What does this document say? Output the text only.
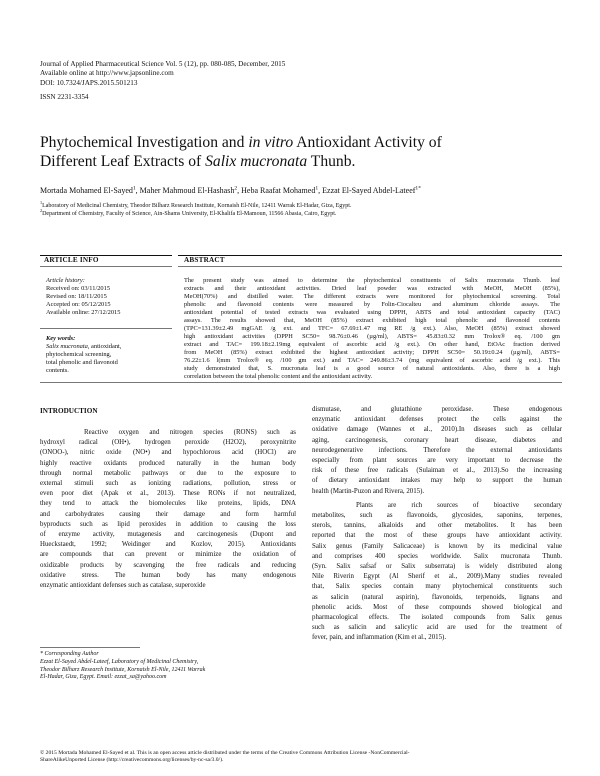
Journal of Applied Pharmaceutical Science Vol. 5 (12), pp. 080-085, December, 2015
Available online at http://www.japsonline.com
DOI: 10.7324/JAPS.2015.501213
ISSN 2231-3354
Phytochemical Investigation and in vitro Antioxidant Activity of
Different Leaf Extracts of Salix mucronata Thunb.
Mortada Mohamed El-Sayed$^1$, Maher Mahmoud El-Hashash$^2$, Heba Raafat Mohamed$^1$, Ezzat El-Sayed Abdel-Lateef$^{1*}$
$^1$Laboratory of Medicinal Chemistry, Theodor Bilharz Research Institute, Kornaish El-Nile, 12411 Warrak El-Hadar, Giza, Egypt.
$^2$Department of Chemistry, Faculty of Science, Ain-Shams University, El-Khalifa El-Mamoun, 11566 Abasia, Cairo, Egypt.
ARTICLE INFO
Article history:
Received on: 03/11/2015
Revised on: 18/11/2015
Accepted on: 05/12/2015
Available online: 27/12/2015
Key words:
Salix mucronata, antioxidant,
phytochemical screening,
total phenolic and flavonoid
contents.
ABSTRACT
The present study was aimed to determine the phytochemical constituents of Salix mucronata Thunb. leaf
extracts and their antioxidant activities. Dried leaf powder was extracted with MeOH, MeOH (85%),
MeOH(70%) and distilled water. The different extracts were monitored for phytochemical screening. Total
phenolic and flavonoid contents were measured by Folin-Ciocalteu and aluminum chloride assays. The
antioxidant potential of tested extracts was evaluated using DPPH, ABTS and total antioxidant capacity (TAC)
assays. The results showed that, MeOH (85%) extract exhibited high total phenolic and flavonoid contents
(TPC=131.39±2.49 mgGAE /g ext. and TFC= 67.69±1.47 mg RE /g ext.). Also, MeOH (85%) extract showed
high antioxidant activities (DPPH SC50= 98.76±0.46 (µg/ml), ABTS= 45.83±0.32 mm Trolox® eq. /100 gm
extract and TAC= 199.18±2.19mg equivalent of ascorbic acid /g ext.). On other hand, EtOAc fraction derived
from MeOH (85%) extract exhibited the highest antioxidant activity; DPPH SC50= 50.19±0.24 (µg/ml), ABTS=
76.22±1.6 l(mm Trolox® eq. /100 gm ext.) and TAC= 249.86±3.74 (mg equivalent of ascorbic acid /g ext.). This
study demonstrated that, S. mucronata leaf is a good source of natural antioxidants. Also, there is a high
correlation between the total phenolic content and the antioxidant activity.
INTRODUCTION
Reactive oxygen and nitrogen species (RONS) such as
hydroxyl radical (OH•), hydrogen peroxide (H2O2), peroxynitrite
(ONOO-), nitric oxide (NO•) and hypochlorous acid (HOCl) are
highly reactive oxidants produced naturally in the human body
through normal metabolic pathways or due to the exposure to
external stimuli such as ionizing radiations, pollution, stress or
even poor diet (Apak et al., 2013). These RONs if not neutralized,
they tend to attack the biomolecules like proteins, lipids, DNA
and carbohydrates causing their damage and form harmful
byproducts such as lipid peroxides in addition to causing the loss
of enzyme activity, mutagenesis and carcinogenesis (Dupont and
Hueckstaedt, 1992; Weidinger and Kozlov, 2015). Antioxidants
are compounds that can prevent or minimize the oxidation of
oxidizable products by scavenging the free radicals and reducing
oxidative stress. The human body has many endogenous
enzymatic antioxidant defenses such as catalase, superoxide
dismutase, and glutathione peroxidase. These endogenous
enzymatic antioxidant defenses protect the cells against the
oxidative damage (Wannes et al., 2010).In diseases such as cellular
aging, carcinogenesis, coronary heart disease, diabetes and
neurodegenerative infections. Therefore the external antioxidants
especially from plant sources are very important to decrease the
risk of these free radicals (Sulaiman et al., 2013).So the increasing
of dietary antioxidant intakes may help to support the human
health (Martin-Puzon and Rivera, 2015).
Plants are rich sources of bioactive secondary
metabolites, such as flavonoids, glycosides, saponins, terpenes,
sterols, tannins, alkaloids and other metabolites. It has been
reported that the most of these groups have antioxidant activity.
Salix genus (Family Salicaceae) is known by its medicinal value
and comprises 400 species worldwide. Salix mucronata Thunb.
(Syn. Salix safsaf or Salix subserrata) is widely distributed along
Nile Riverin Egypt (Al Sherif et al., 2009).Many studies revealed
that, Salix species contain many phytochemical constituents such
as salicin (natural aspirin), flavonoids, terpenoids, lignans and
phenolic acids. Most of these compounds showed biological and
pharmacological effects. The isolated compounds from Salix genus
such as salicin and salicylic acid are used for the treatment of
fever, pain, and inflammation (Kim et al., 2015).
* Corresponding Author
Ezzat El-Sayed Abdel-Lateef, Laboratory of Medicinal Chemistry,
Theodor Bilharz Research Institute, Kornaish El-Nile, 12411 Warrak
El-Hadar, Giza, Egypt. Email: ezzat_sa@yahoo.com
© 2015 Mortada Mohamed El-Sayed et al. This is an open access article distributed under the terms of the Creative Commons Attribution License -NonCommercial-
ShareAlikeUnported License (http://creativecommons.org/licenses/by-nc-sa/3.0/).
